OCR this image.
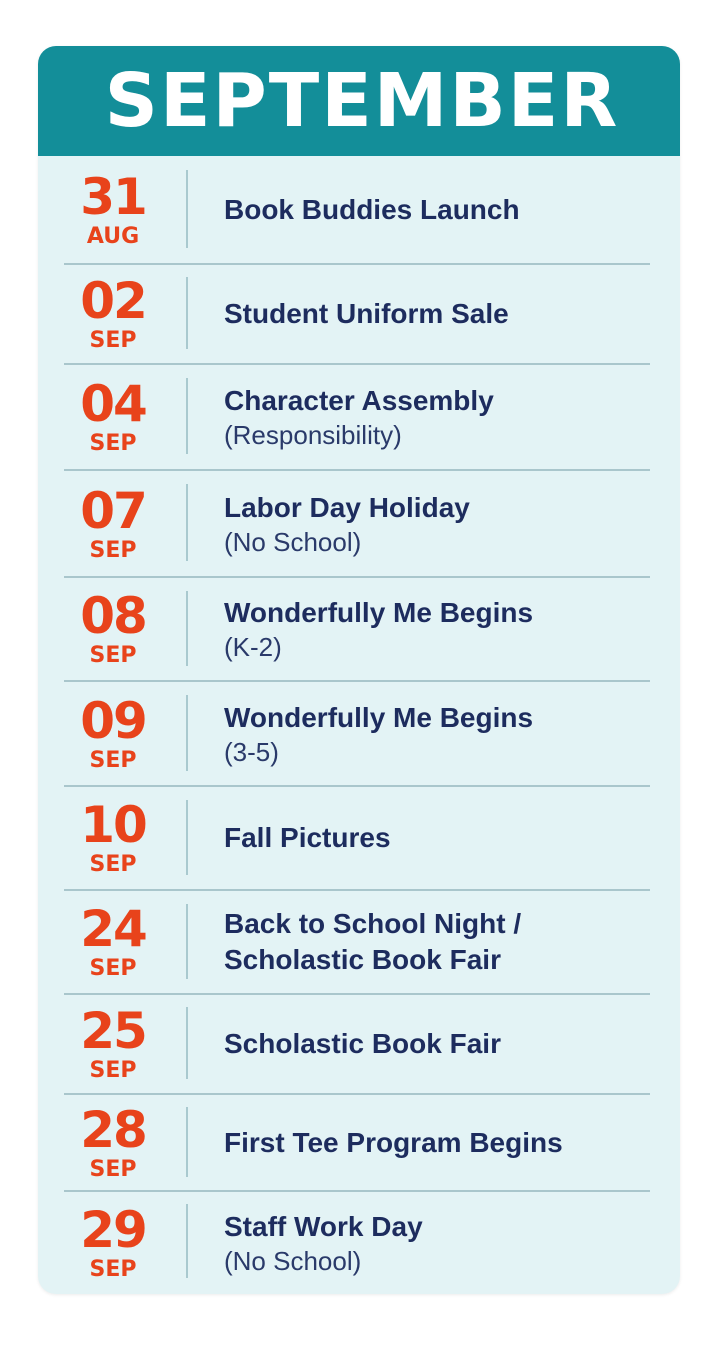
SEPTEMBER
31
AUG
Book Buddies Launch
02
SEP
Student Uniform Sale
04
SEP
Character Assembly
(Responsibility)
07
SEP
Labor Day Holiday
(No School)
08
SEP
Wonderfully Me Begins
(K-2)
09
SEP
Wonderfully Me Begins
(3-5)
10
SEP
Fall Pictures
24
SEP
Back to School Night /
Scholastic Book Fair
25
SEP
Scholastic Book Fair
28
SEP
First Tee Program Begins
29
SEP
Staff Work Day
(No School)
